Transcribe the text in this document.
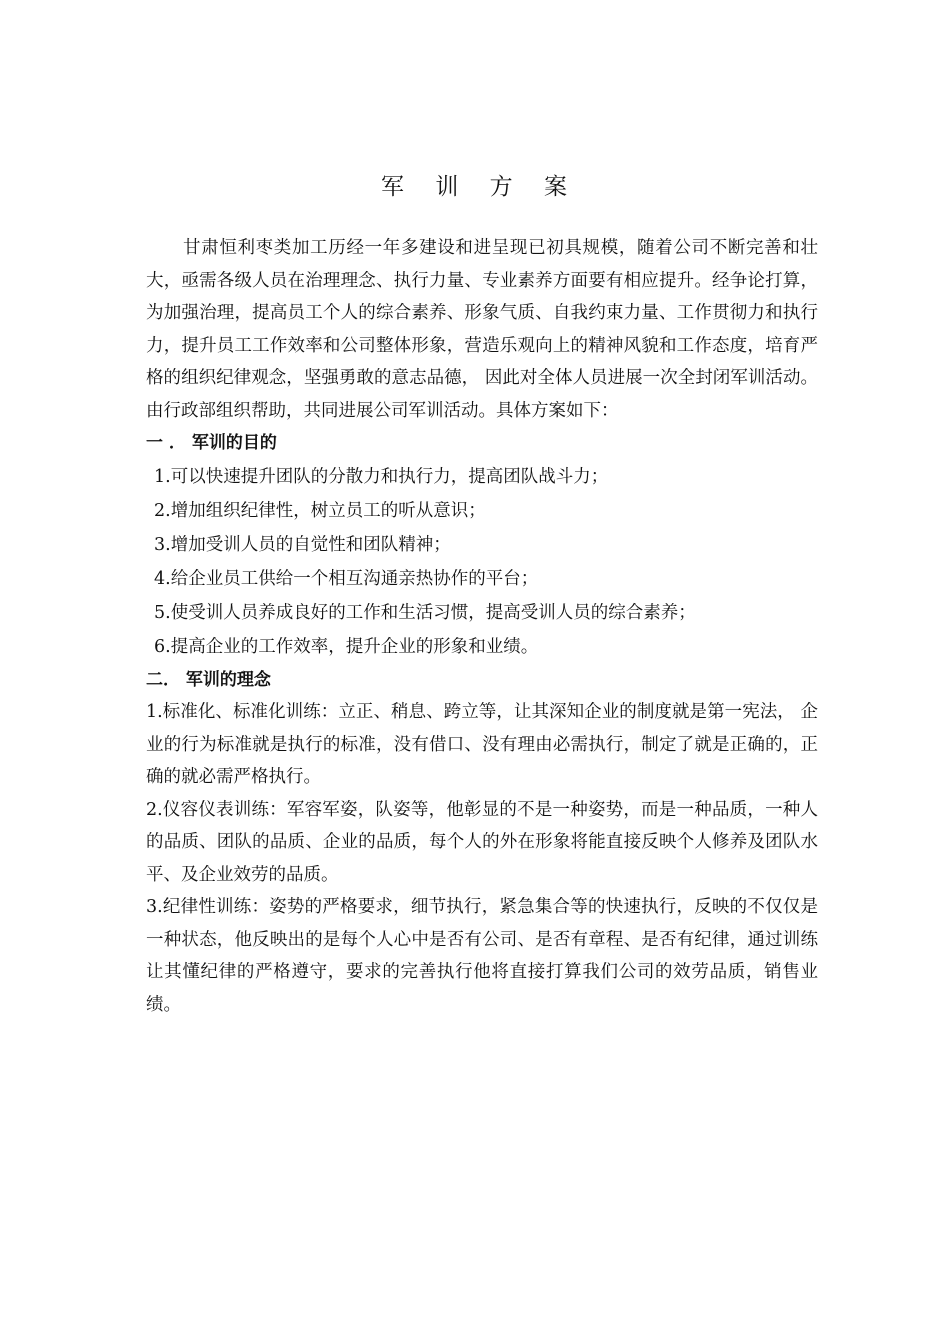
军 训 方 案

甘肃恒利枣类加工历经一年多建设和进呈现已初具规模，随着公司不断完善和壮大，亟需各级人员在治理理念、执行力量、专业素养方面要有相应提升。经争论打算，为加强治理，提高员工个人的综合素养、形象气质、自我约束力量、工作贯彻力和执行力，提升员工工作效率和公司整体形象，营造乐观向上的精神风貌和工作态度，培育严格的组织纪律观念，坚强勇敢的意志品德， 因此对全体人员进展一次全封闭军训活动。由行政部组织帮助，共同进展公司军训活动。具体方案如下：

一 ． 军训的目的
1.可以快速提升团队的分散力和执行力，提高团队战斗力；
2.增加组织纪律性，树立员工的听从意识；
3.增加受训人员的自觉性和团队精神；
4.给企业员工供给一个相互沟通亲热协作的平台；
5.使受训人员养成良好的工作和生活习惯，提高受训人员的综合素养；
6.提高企业的工作效率，提升企业的形象和业绩。
二． 军训的理念

1.标准化、标准化训练：立正、稍息、跨立等，让其深知企业的制度就是第一宪法， 企业的行为标准就是执行的标准，没有借口、没有理由必需执行，制定了就是正确的，正确的就必需严格执行。

2.仪容仪表训练：军容军姿，队姿等，他彰显的不是一种姿势，而是一种品质，一种人的品质、团队的品质、企业的品质，每个人的外在形象将能直接反映个人修养及团队水平、及企业效劳的品质。

3.纪律性训练：姿势的严格要求，细节执行，紧急集合等的快速执行，反映的不仅仅是一种状态，他反映出的是每个人心中是否有公司、是否有章程、是否有纪律，通过训练让其懂纪律的严格遵守，要求的完善执行他将直接打算我们公司的效劳品质，销售业绩。
